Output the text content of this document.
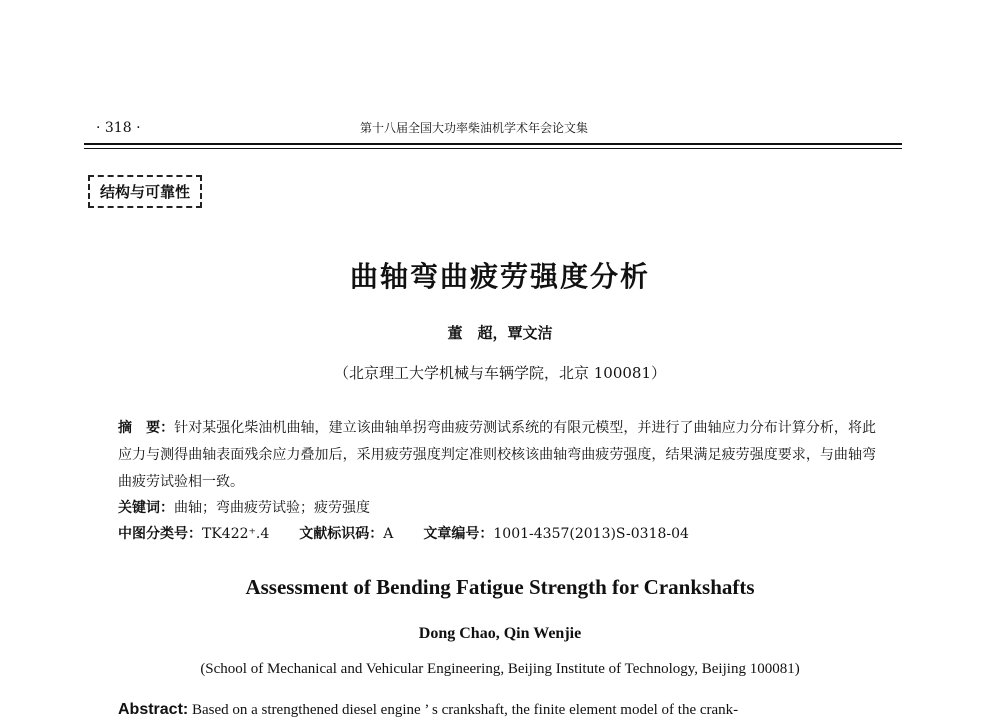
· 318 ·	第十八届全国大功率柴油机学术年会论文集
结构与可靠性
曲轴弯曲疲劳强度分析
董　超，覃文洁
（北京理工大学机械与车辆学院，北京 100081）
摘　要：针对某强化柴油机曲轴，建立该曲轴单拐弯曲疲劳测试系统的有限元模型，并进行了曲轴应力分布计算分析，将此应力与测得曲轴表面残余应力叠加后，采用疲劳强度判定准则校核该曲轴弯曲疲劳强度，结果满足疲劳强度要求，与曲轴弯曲疲劳试验相一致。
关键词：曲轴；弯曲疲劳试验；疲劳强度
中图分类号：TK422⁺.4 文献标识码：A 文章编号：1001-4357(2013)S-0318-04
Assessment of Bending Fatigue Strength for Crankshafts
Dong Chao, Qin Wenjie
(School of Mechanical and Vehicular Engineering, Beijing Institute of Technology, Beijing 100081)
Abstract: Based on a strengthened diesel engine ’ s crankshaft, the finite element model of the crank-
